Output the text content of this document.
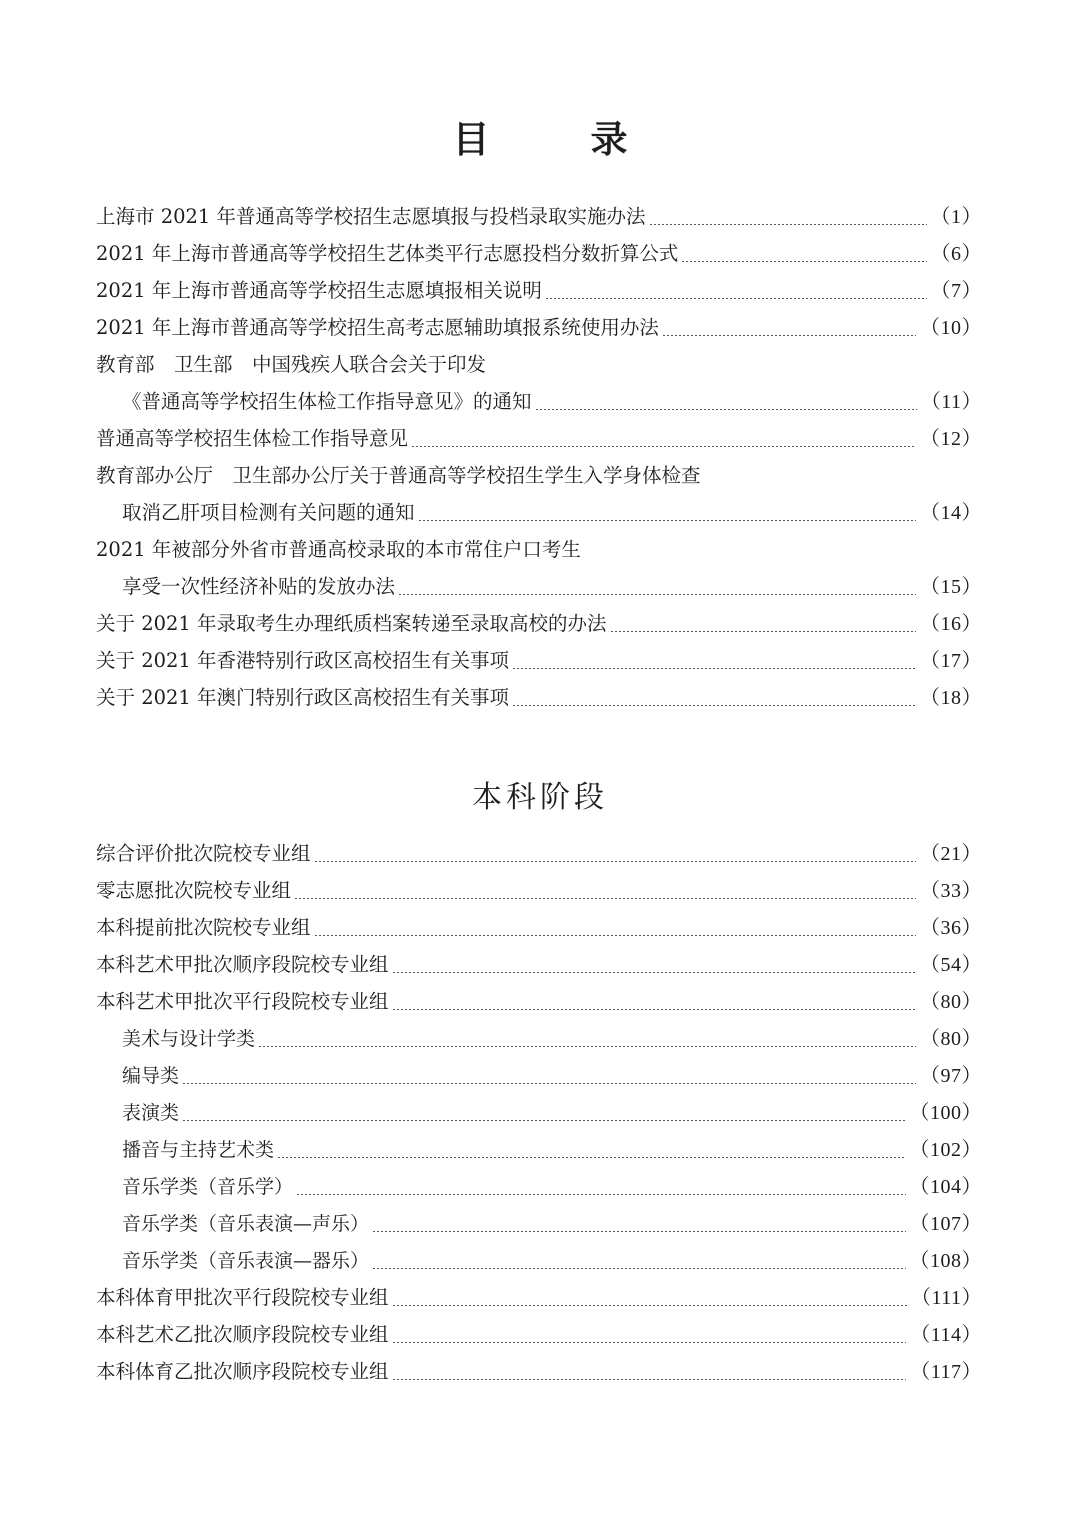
目　录
上海市 2021 年普通高等学校招生志愿填报与投档录取实施办法	（1）
2021 年上海市普通高等学校招生艺体类平行志愿投档分数折算公式	（6）
2021 年上海市普通高等学校招生志愿填报相关说明	（7）
2021 年上海市普通高等学校招生高考志愿辅助填报系统使用办法	（10）
教育部　卫生部　中国残疾人联合会关于印发
《普通高等学校招生体检工作指导意见》的通知	（11）
普通高等学校招生体检工作指导意见	（12）
教育部办公厅　卫生部办公厅关于普通高等学校招生学生入学身体检查
取消乙肝项目检测有关问题的通知	（14）
2021 年被部分外省市普通高校录取的本市常住户口考生
享受一次性经济补贴的发放办法	（15）
关于 2021 年录取考生办理纸质档案转递至录取高校的办法	（16）
关于 2021 年香港特别行政区高校招生有关事项	（17）
关于 2021 年澳门特别行政区高校招生有关事项	（18）
本科阶段
综合评价批次院校专业组	（21）
零志愿批次院校专业组	（33）
本科提前批次院校专业组	（36）
本科艺术甲批次顺序段院校专业组	（54）
本科艺术甲批次平行段院校专业组	（80）
美术与设计学类	（80）
编导类	（97）
表演类	（100）
播音与主持艺术类	（102）
音乐学类（音乐学）	（104）
音乐学类（音乐表演—声乐）	（107）
音乐学类（音乐表演—器乐）	（108）
本科体育甲批次平行段院校专业组	（111）
本科艺术乙批次顺序段院校专业组	（114）
本科体育乙批次顺序段院校专业组	（117）
